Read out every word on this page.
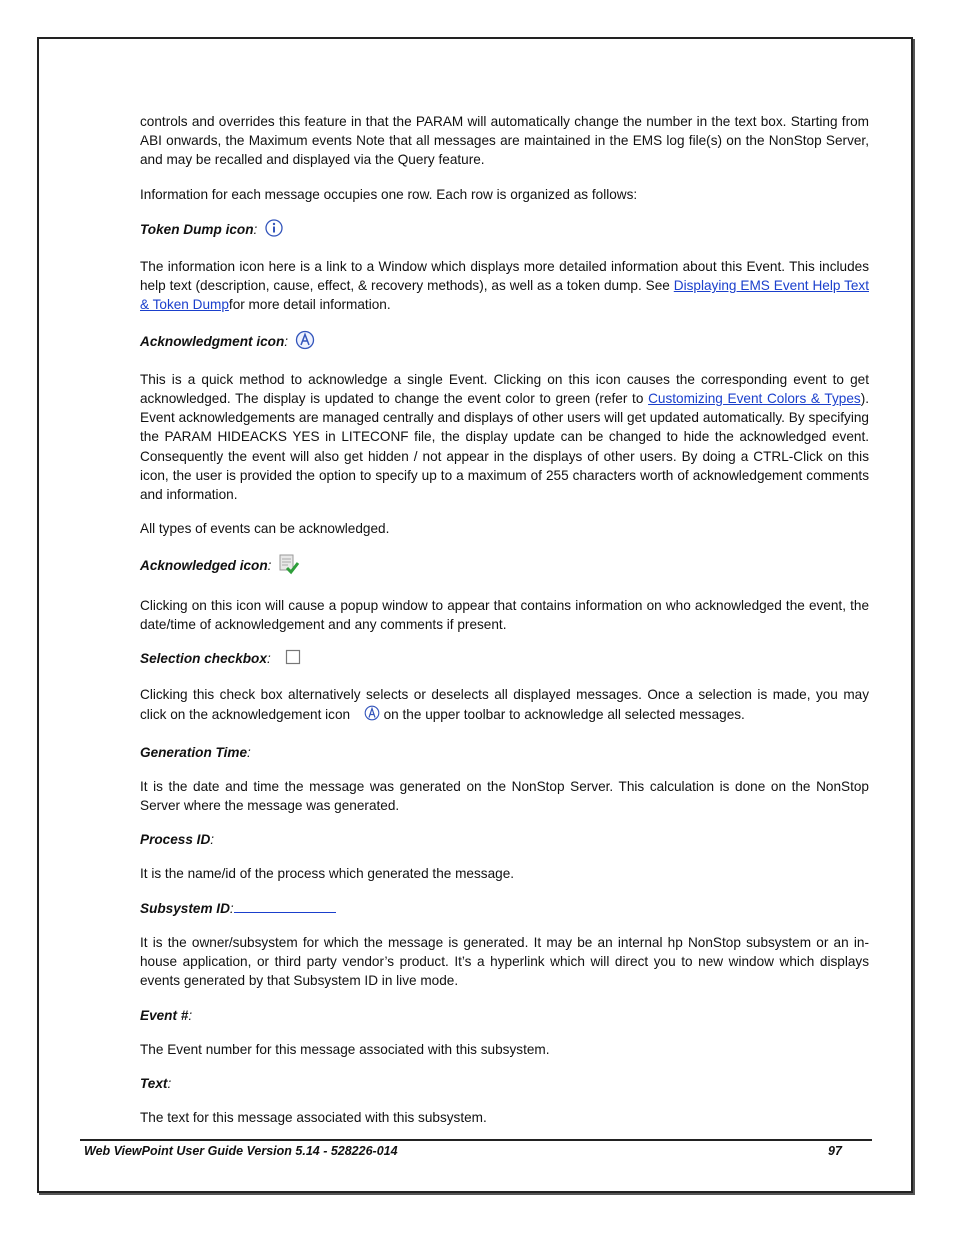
controls and overrides this feature in that the PARAM will automatically change the number in the text box. Starting from ABI onwards, the Maximum events Note that all messages are maintained in the EMS log file(s) on the NonStop Server, and may be recalled and displayed via the Query feature.

Information for each message occupies one row. Each row is organized as follows:

Token Dump icon:

The information icon here is a link to a Window which displays more detailed information about this Event. This includes help text (description, cause, effect, & recovery methods), as well as a token dump. See Displaying EMS Event Help Text & Token Dumpfor more detail information.

Acknowledgment icon:

This is a quick method to acknowledge a single Event. Clicking on this icon causes the corresponding event to get acknowledged. The display is updated to change the event color to green (refer to Customizing Event Colors & Types). Event acknowledgements are managed centrally and displays of other users will get updated automatically. By specifying the PARAM HIDEACKS YES in LITECONF file, the display update can be changed to hide the acknowledged event. Consequently the event will also get hidden / not appear in the displays of other users. By doing a CTRL-Click on this icon, the user is provided the option to specify up to a maximum of 255 characters worth of acknowledgement comments and information.

All types of events can be acknowledged.

Acknowledged icon:

Clicking on this icon will cause a popup window to appear that contains information on who acknowledged the event, the date/time of acknowledgement and any comments if present.

Selection checkbox:

Clicking this check box alternatively selects or deselects all displayed messages. Once a selection is made, you may click on the acknowledgement icon  on the upper toolbar to acknowledge all selected messages.

Generation Time:

It is the date and time the message was generated on the NonStop Server. This calculation is done on the NonStop Server where the message was generated.

Process ID:

It is the name/id of the process which generated the message.

Subsystem ID:

It is the owner/subsystem for which the message is generated. It may be an internal hp NonStop subsystem or an in-house application, or third party vendor’s product. It’s a hyperlink which will direct you to new window which displays events generated by that Subsystem ID in live mode.

Event #:

The Event number for this message associated with this subsystem.

Text:

The text for this message associated with this subsystem.

Web ViewPoint User Guide Version 5.14 - 528226-014	97
